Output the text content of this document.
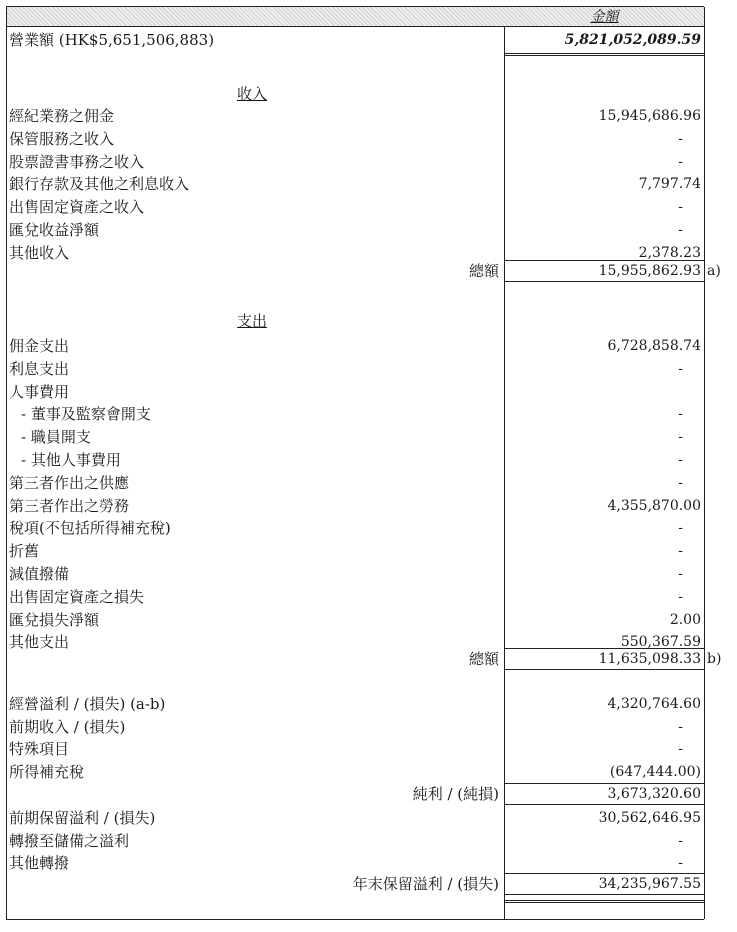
金額
營業額 (HK$5,651,506,883)	5,821,052,089.59
收入
經紀業務之佣金	15,945,686.96
保管服務之收入	-
股票證書事務之收入	-
銀行存款及其他之利息收入	7,797.74
出售固定資產之收入	-
匯兌收益淨額	-
其他收入	2,378.23
總額	15,955,862.93 a)
支出
佣金支出	6,728,858.74
利息支出	-
人事費用
- 董事及監察會開支	-
- 職員開支	-
- 其他人事費用	-
第三者作出之供應	-
第三者作出之勞務	4,355,870.00
稅項(不包括所得補充稅)	-
折舊	-
減值撥備	-
出售固定資產之損失	-
匯兌損失淨額	2.00
其他支出	550,367.59
總額	11,635,098.33 b)
經營溢利 / (損失) (a-b)	4,320,764.60
前期收入 / (損失)	-
特殊項目	-
所得補充稅	(647,444.00)
純利 / (純損)	3,673,320.60
前期保留溢利 / (損失)	30,562,646.95
轉撥至儲備之溢利	-
其他轉撥	-
年末保留溢利 / (損失)	34,235,967.55
